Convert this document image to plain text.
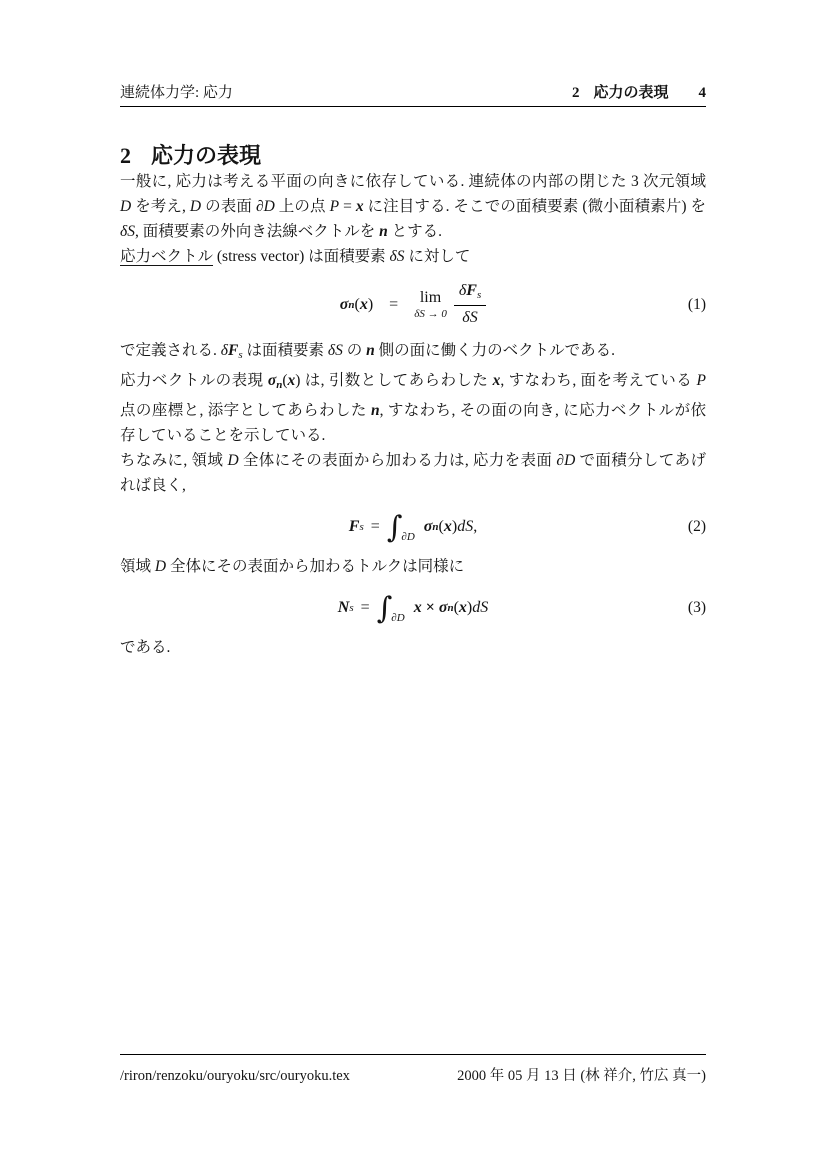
連続体力学: 応力	2 応力の表現 4
2 応力の表現

一般に, 応力は考える平面の向きに依存している. 連続体の内部の閉じた 3 次元領域 D を考え, D の表面 ∂D 上の点 P = x に注目する. そこでの面積要素 (微小面積素片) を δS, 面積要素の外向き法線ベクトルを n とする.

応力ベクトル (stress vector) は面積要素 δS に対して

σ n ( x ) = lim
$\delta S \to 0 \frac{\text{δFs}}{\delta S}$	(1)

で定義される. δFs は面積要素 δS の n 側の面に働く力のベクトルである.

応力ベクトルの表現 σn(x) は, 引数としてあらわした x, すなわち, 面を考えている P 点の座標と, 添字としてあらわした n, すなわち, その面の向き, に応力ベクトルが依存していることを示している.

ちなみに, 領域 D 全体にその表面から加わる力は, 応力を表面 ∂D で面積分してあげれば良く,

F s = ∫ ∂D
σ n ( x ) dS ,	(2)

領域 D 全体にその表面から加わるトルクは同様に

N s = ∫ ∂D
x × σ n ( x ) dS	(3)

である.

/riron/renzoku/ouryoku/src/ouryoku.tex	2000 年 05 月 13 日 (林 祥介, 竹広 真一)
